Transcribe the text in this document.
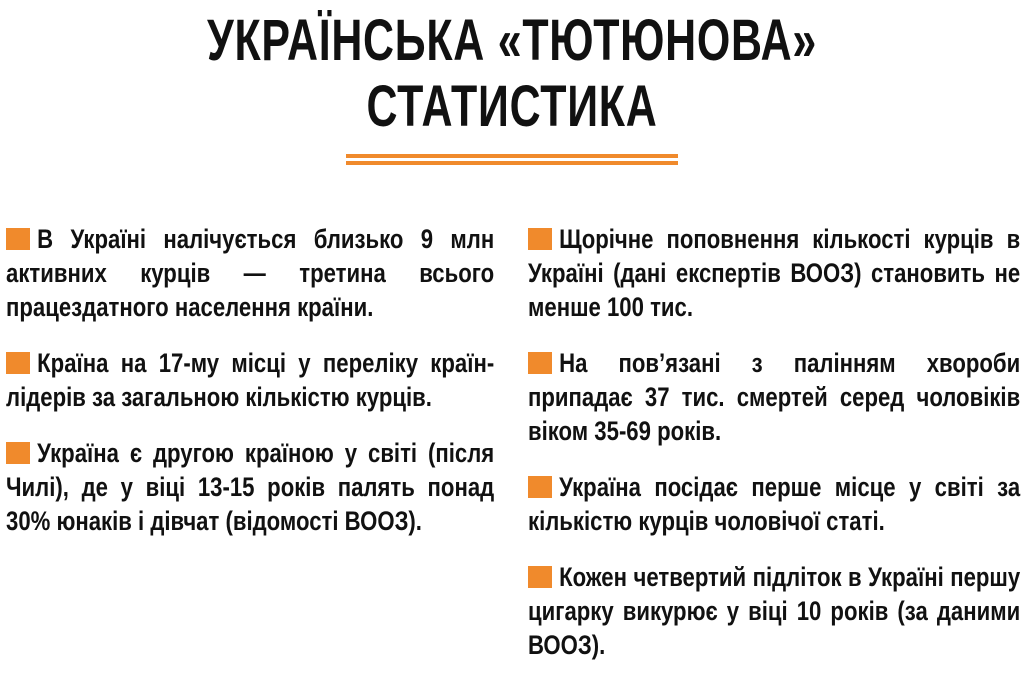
УКРАЇНСЬКА «ТЮТЮНОВА»
СТАТИСТИКА
В Україні налічується близько 9 млн активних курців — третина всього працездатного населення країни.
Країна на 17-му місці у переліку країн-лідерів за загальною кількістю курців.
Україна є другою країною у світі (після Чилі), де у віці 13-15 років палять понад 30% юнаків і дівчат (відомості ВООЗ).
Щорічне поповнення кількості курців в Україні (дані експертів ВООЗ) становить не менше 100 тис.
На пов’язані з палінням хвороби припадає 37 тис. смертей серед чоловіків віком 35-69 років.
Україна посідає перше місце у світі за кількістю курців чоловічої статі.
Кожен четвертий підліток в Україні першу цигарку викурює у віці 10 років (за даними ВООЗ).
